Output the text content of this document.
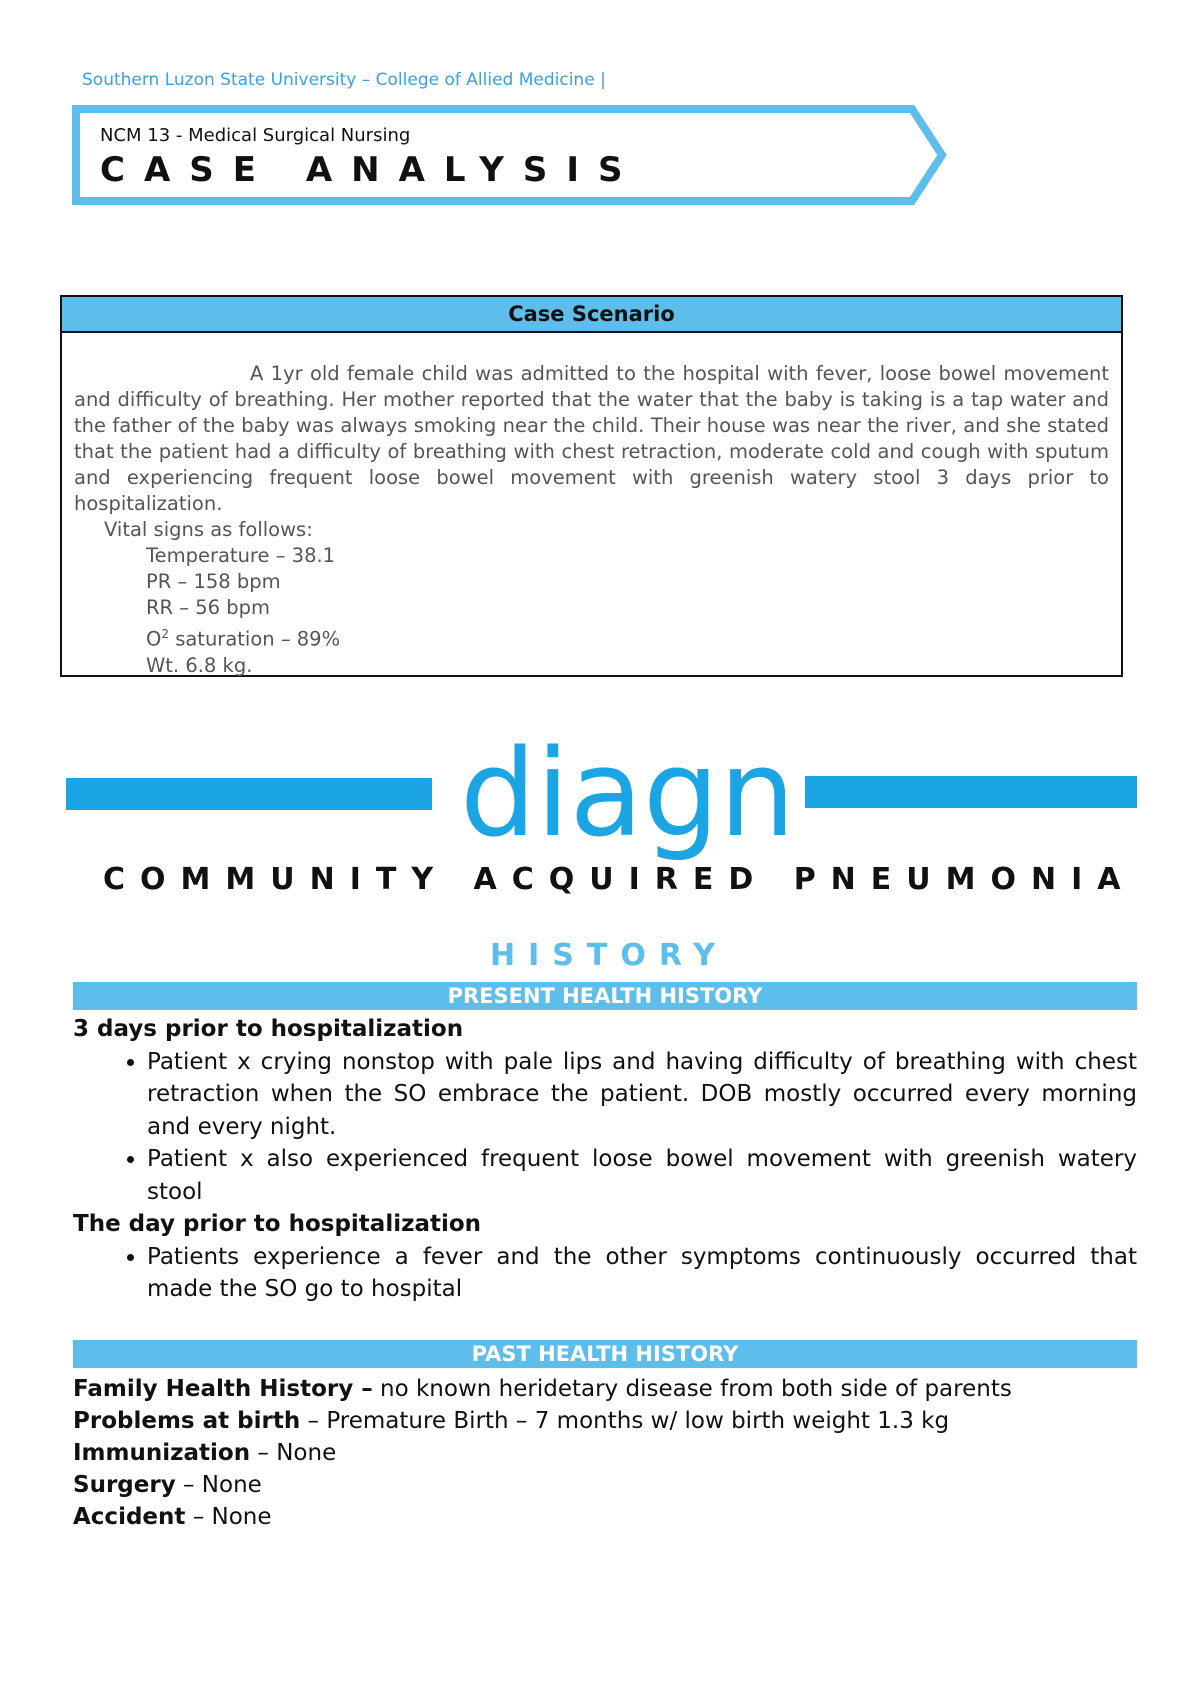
Southern Luzon State University – College of Allied Medicine |
NCM 13 - Medical Surgical Nursing
CASE ANALYSIS
Case Scenario

A 1yr old female child was admitted to the hospital with fever, loose bowel movement and difficulty of breathing. Her mother reported that the water that the baby is taking is a tap water and the father of the baby was always smoking near the child. Their house was near the river, and she stated that the patient had a difficulty of breathing with chest retraction, moderate cold and cough with sputum and experiencing frequent loose bowel movement with greenish watery stool 3 days prior to hospitalization.

Vital signs as follows:
Temperature – 38.1
PR – 158 bpm
RR – 56 bpm
$O^2$ saturation – 89%
Wt. 6.8 kg.
diagn
COMMUNITY ACQUIRED PNEUMONIA
HISTORY
PRESENT HEALTH HISTORY
3 days prior to hospitalization
• Patient x crying nonstop with pale lips and having difficulty of breathing with chest retraction when the SO embrace the patient. DOB mostly occurred every morning and every night.
• Patient x also experienced frequent loose bowel movement with greenish watery stool
The day prior to hospitalization
• Patients experience a fever and the other symptoms continuously occurred that made the SO go to hospital
PAST HEALTH HISTORY
Family Health History – no known heridetary disease from both side of parents
Problems at birth – Premature Birth – 7 months w/ low birth weight 1.3 kg
Immunization – None
Surgery – None
Accident – None
